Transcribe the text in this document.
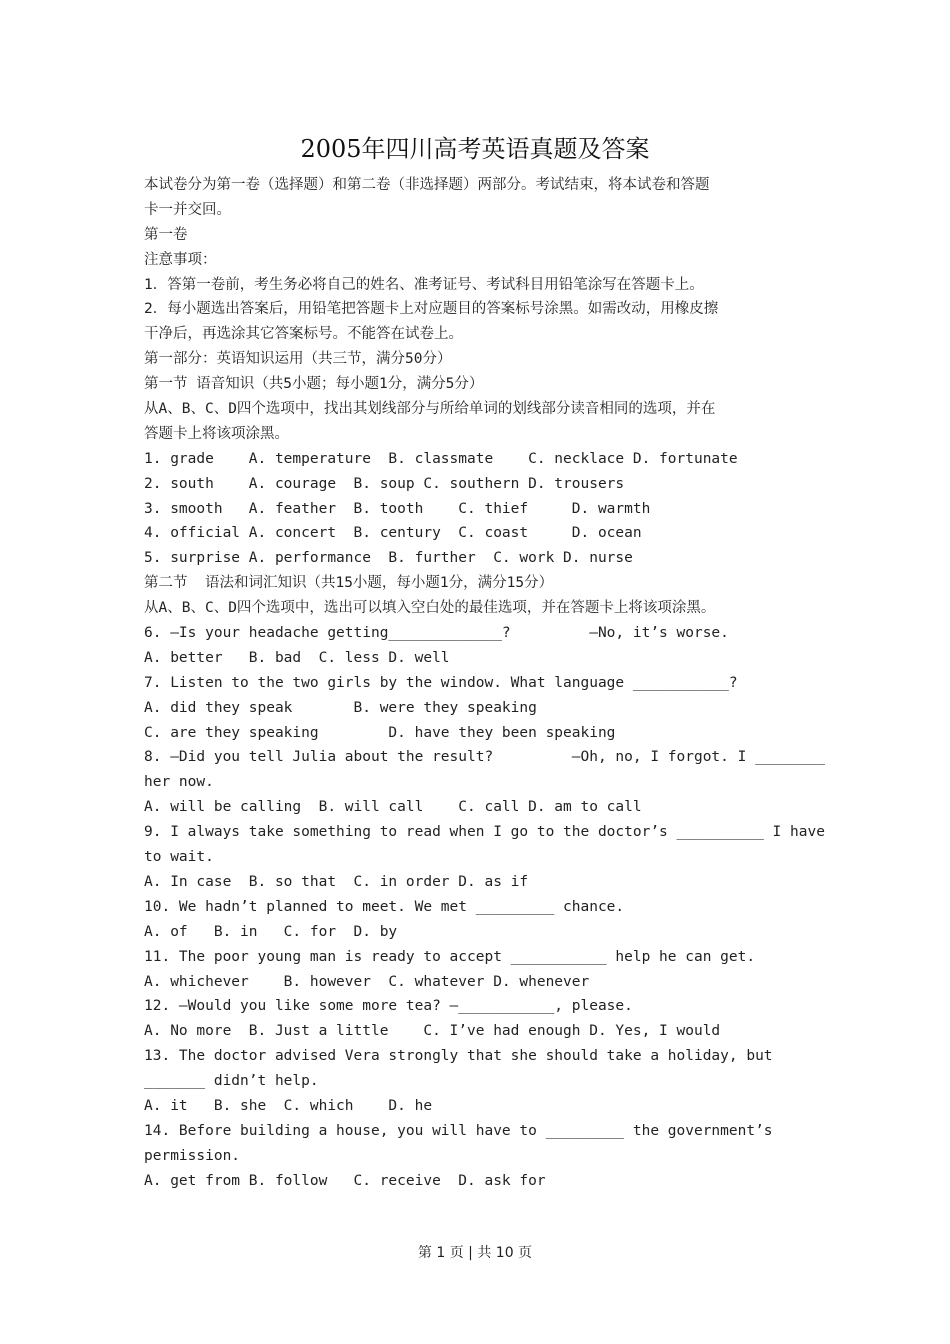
2005年四川高考英语真题及答案
本试卷分为第一卷（选择题）和第二卷（非选择题）两部分。考试结束，将本试卷和答题
卡一并交回。
第一卷
注意事项：
1．答第一卷前，考生务必将自己的姓名、准考证号、考试科目用铅笔涂写在答题卡上。
2．每小题选出答案后，用铅笔把答题卡上对应题目的答案标号涂黑。如需改动，用橡皮擦
干净后，再选涂其它答案标号。不能答在试卷上。
第一部分：英语知识运用（共三节，满分50分）
第一节 语音知识（共5小题；每小题1分，满分5分）
从A、B、C、D四个选项中，找出其划线部分与所给单词的划线部分读音相同的选项，并在
答题卡上将该项涂黑。
1. grade    A. temperature  B. classmate    C. necklace D. fortunate
2. south    A. courage  B. soup C. southern D. trousers
3. smooth   A. feather  B. tooth    C. thief     D. warmth
4. official A. concert  B. century  C. coast     D. ocean
5. surprise A. performance  B. further  C. work D. nurse
第二节  语法和词汇知识（共15小题，每小题1分，满分15分）
从A、B、C、D四个选项中，选出可以填入空白处的最佳选项，并在答题卡上将该项涂黑。
6. —Is your headache getting_____________?         —No, it’s worse.
A. better   B. bad  C. less D. well
7. Listen to the two girls by the window. What language ___________?
A. did they speak       B. were they speaking
C. are they speaking        D. have they been speaking
8. —Did you tell Julia about the result?         —Oh, no, I forgot. I ________
her now.
A. will be calling  B. will call    C. call D. am to call
9. I always take something to read when I go to the doctor’s __________ I have
to wait.
A. In case  B. so that  C. in order D. as if
10. We hadn’t planned to meet. We met _________ chance.
A. of   B. in   C. for  D. by
11. The poor young man is ready to accept ___________ help he can get.
A. whichever    B. however  C. whatever D. whenever
12. —Would you like some more tea? —___________, please.
A. No more  B. Just a little    C. I’ve had enough D. Yes, I would
13. The doctor advised Vera strongly that she should take a holiday, but
_______ didn’t help.
A. it   B. she  C. which    D. he
14. Before building a house, you will have to _________ the government’s
permission.
A. get from B. follow   C. receive  D. ask for
第 1 页 | 共 10 页
